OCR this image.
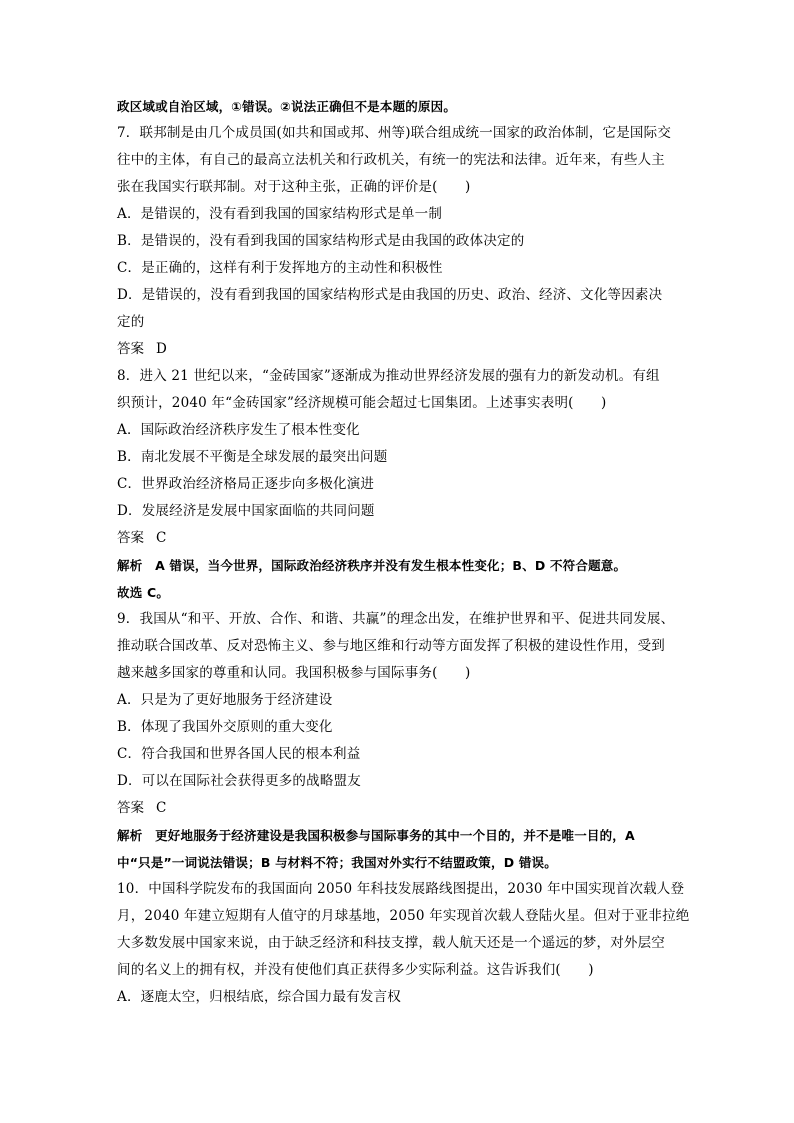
政区域或自治区域，①错误。②说法正确但不是本题的原因。
7．联邦制是由几个成员国(如共和国或邦、州等)联合组成统一国家的政治体制，它是国际交
往中的主体，有自己的最高立法机关和行政机关，有统一的宪法和法律。近年来，有些人主
张在我国实行联邦制。对于这种主张，正确的评价是(　　)
A．是错误的，没有看到我国的国家结构形式是单一制
B．是错误的，没有看到我国的国家结构形式是由我国的政体决定的
C．是正确的，这样有利于发挥地方的主动性和积极性
D．是错误的，没有看到我国的国家结构形式是由我国的历史、政治、经济、文化等因素决
定的
答案 D
8．进入 21 世纪以来，“金砖国家”逐渐成为推动世界经济发展的强有力的新发动机。有组
织预计，2040 年“金砖国家”经济规模可能会超过七国集团。上述事实表明(　　)
A．国际政治经济秩序发生了根本性变化
B．南北发展不平衡是全球发展的最突出问题
C．世界政治经济格局正逐步向多极化演进
D．发展经济是发展中国家面临的共同问题
答案 C
解析　A 错误，当今世界，国际政治经济秩序并没有发生根本性变化；B、D 不符合题意。
故选 C。
9．我国从“和平、开放、合作、和谐、共赢”的理念出发，在维护世界和平、促进共同发展、
推动联合国改革、反对恐怖主义、参与地区维和行动等方面发挥了积极的建设性作用，受到
越来越多国家的尊重和认同。我国积极参与国际事务(　　)
A．只是为了更好地服务于经济建设
B．体现了我国外交原则的重大变化
C．符合我国和世界各国人民的根本利益
D．可以在国际社会获得更多的战略盟友
答案 C
解析　更好地服务于经济建设是我国积极参与国际事务的其中一个目的，并不是唯一目的，A
中“只是”一词说法错误；B 与材料不符；我国对外实行不结盟政策，D 错误。
10．中国科学院发布的我国面向 2050 年科技发展路线图提出，2030 年中国实现首次载人登
月，2040 年建立短期有人值守的月球基地，2050 年实现首次载人登陆火星。但对于亚非拉绝
大多数发展中国家来说，由于缺乏经济和科技支撑，载人航天还是一个遥远的梦，对外层空
间的名义上的拥有权，并没有使他们真正获得多少实际利益。这告诉我们(　　)
A．逐鹿太空，归根结底，综合国力最有发言权
